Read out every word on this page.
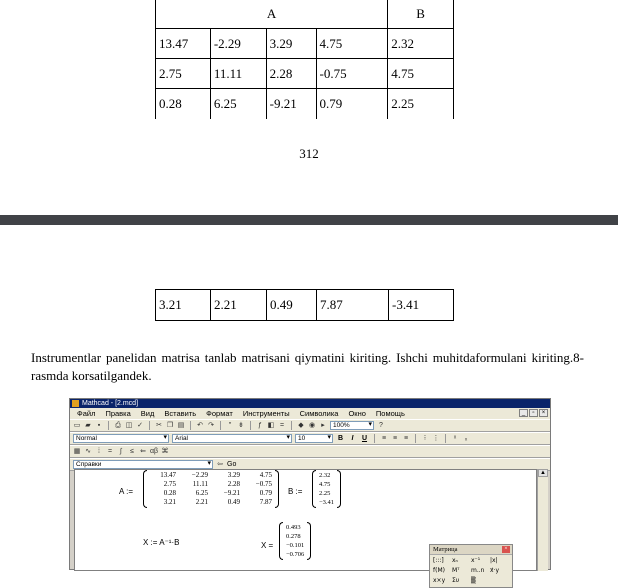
A				B
13.47	-2.29	3.29	4.75	2.32
2.75	11.11	2.28	-0.75	4.75
0.28	6.25	-9.21	0.79	2.25
312
3.21	2.21	0.49	7.87	-3.41

Instrumentlar panelidan matrisa tanlab matrisani qiymatini kiriting. Ishchi muhitdaformulani kiriting.8-rasmda korsatilgandek.

Mathcad - [2.mcd]
Файл	Правка	Вид	Вставить	Формат	Инструменты	Символика	Окно	Помощь	_	▫	×
▭ ▰	▪	⎙ ◫ ✓ ✂ ❐ ▤ ↶ ↷	″ ⇟ ƒ ◧ = ◆ ◉ ▸	100% ▾	?
Normal ▾	Arial ▾	10 ▾	B	I	U ≡ ≡ ≡	⁝ ⋮	ˣ	ₓ
▦ ∿	⁞	=	∫	≤ ⇐ αβ ⌘
Справки ▾	⇦ Go
A :=
13.47	−2.29	3.29	4.75
2.75	11.11	2.28	−0.75
0.28	6.25	−9.21	0.79
3.21	2.21	0.49	7.87
B :=
2.32
4.75
2.25
−3.41
Матрица	×
[:::]	xₙ	x⁻¹	|x|
f(M)	Mᵀ	m..n x⃗·y
x×y	Συ	▒
X := A⁻¹·B	X =
0.493
0.278
−0.101
−0.706
▲
